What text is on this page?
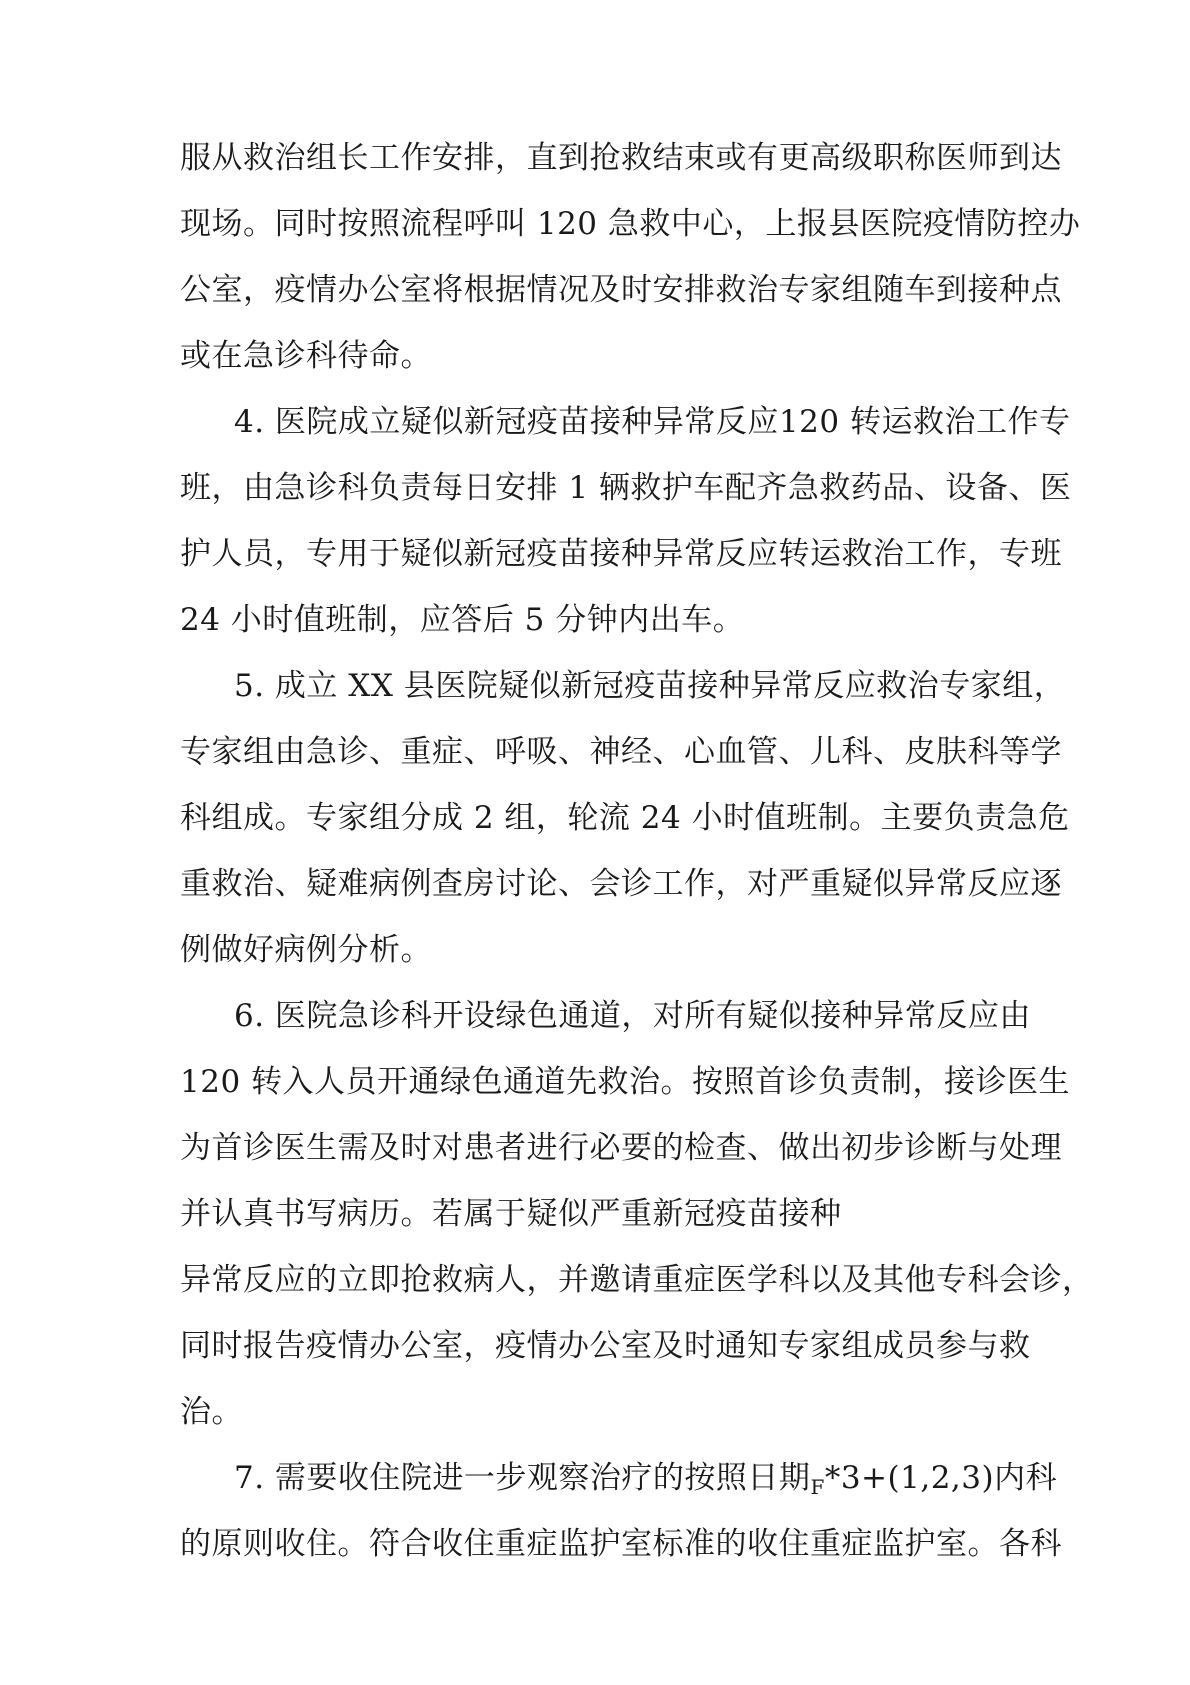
服从救治组长工作安排，直到抢救结束或有更高级职称医师到达
现场。同时按照流程呼叫 120 急救中心，上报县医院疫情防控办
公室，疫情办公室将根据情况及时安排救治专家组随车到接种点
或在急诊科待命。
4. 医院成立疑似新冠疫苗接种异常反应120 转运救治工作专
班，由急诊科负责每日安排 1 辆救护车配齐急救药品、设备、医
护人员，专用于疑似新冠疫苗接种异常反应转运救治工作，专班
24 小时值班制，应答后 5 分钟内出车。
5. 成立 XX 县医院疑似新冠疫苗接种异常反应救治专家组，
专家组由急诊、重症、呼吸、神经、心血管、儿科、皮肤科等学
科组成。专家组分成 2 组，轮流 24 小时值班制。主要负责急危
重救治、疑难病例查房讨论、会诊工作，对严重疑似异常反应逐
例做好病例分析。
6. 医院急诊科开设绿色通道，对所有疑似接种异常反应由
120 转入人员开通绿色通道先救治。按照首诊负责制，接诊医生
为首诊医生需及时对患者进行必要的检查、做出初步诊断与处理
并认真书写病历。若属于疑似严重新冠疫苗接种
异常反应的立即抢救病人，并邀请重症医学科以及其他专科会诊，
同时报告疫情办公室，疫情办公室及时通知专家组成员参与救
治。
7. 需要收住院进一步观察治疗的按照日期$_F$*3+(1,2,3)内科
的原则收住。符合收住重症监护室标准的收住重症监护室。各科
